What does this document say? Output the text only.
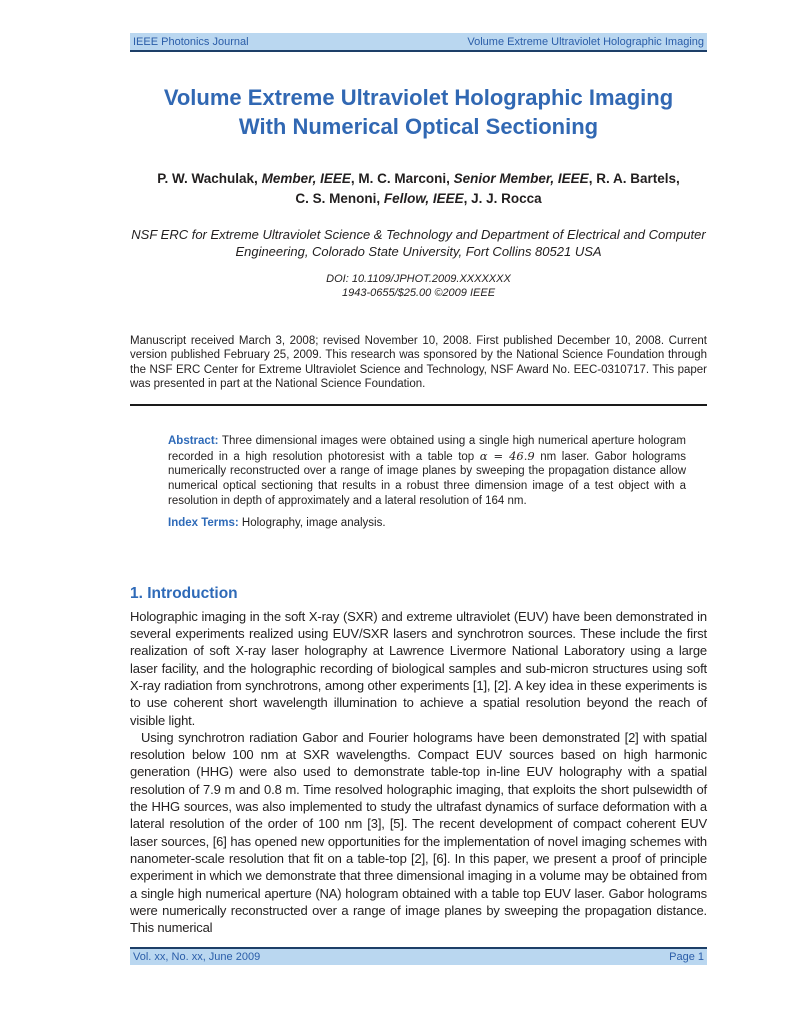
IEEE Photonics Journal	Volume Extreme Ultraviolet Holographic Imaging
Volume Extreme Ultraviolet Holographic Imaging
With Numerical Optical Sectioning
P. W. Wachulak, Member, IEEE, M. C. Marconi, Senior Member, IEEE, R. A. Bartels,
C. S. Menoni, Fellow, IEEE, J. J. Rocca
NSF ERC for Extreme Ultraviolet Science & Technology and Department of Electrical and Computer
Engineering, Colorado State University, Fort Collins 80521 USA
DOI: 10.1109/JPHOT.2009.XXXXXXX
1943-0655/$25.00 ©2009 IEEE

Manuscript received March 3, 2008; revised November 10, 2008. First published December 10, 2008. Current version published February 25, 2009. This research was sponsored by the National Science Foundation through the NSF ERC Center for Extreme Ultraviolet Science and Technology, NSF Award No. EEC-0310717. This paper was presented in part at the National Science Foundation.

Abstract: Three dimensional images were obtained using a single high numerical aperture hologram recorded in a high resolution photoresist with a table top α = 46.9 nm laser. Gabor holograms numerically reconstructed over a range of image planes by sweeping the propagation distance allow numerical optical sectioning that results in a robust three dimension image of a test object with a resolution in depth of approximately and a lateral resolution of 164 nm.

Index Terms: Holography, image analysis.

1. Introduction

Holographic imaging in the soft X-ray (SXR) and extreme ultraviolet (EUV) have been demonstrated in several experiments realized using EUV/SXR lasers and synchrotron sources. These include the first realization of soft X-ray laser holography at Lawrence Livermore National Laboratory using a large laser facility, and the holographic recording of biological samples and sub-micron structures using soft X-ray radiation from synchrotrons, among other experiments [1], [2]. A key idea in these experiments is to use coherent short wavelength illumination to achieve a spatial resolution beyond the reach of visible light.

Using synchrotron radiation Gabor and Fourier holograms have been demonstrated [2] with spatial resolution below 100 nm at SXR wavelengths. Compact EUV sources based on high harmonic generation (HHG) were also used to demonstrate table-top in-line EUV holography with a spatial resolution of 7.9 m and 0.8 m. Time resolved holographic imaging, that exploits the short pulsewidth of the HHG sources, was also implemented to study the ultrafast dynamics of surface deformation with a lateral resolution of the order of 100 nm [3], [5]. The recent development of compact coherent EUV laser sources, [6] has opened new opportunities for the implementation of novel imaging schemes with nanometer-scale resolution that fit on a table-top [2], [6]. In this paper, we present a proof of principle experiment in which we demonstrate that three dimensional imaging in a volume may be obtained from a single high numerical aperture (NA) hologram obtained with a table top EUV laser. Gabor holograms were numerically reconstructed over a range of image planes by sweeping the propagation distance. This numerical

Vol. xx, No. xx, June 2009	Page 1
